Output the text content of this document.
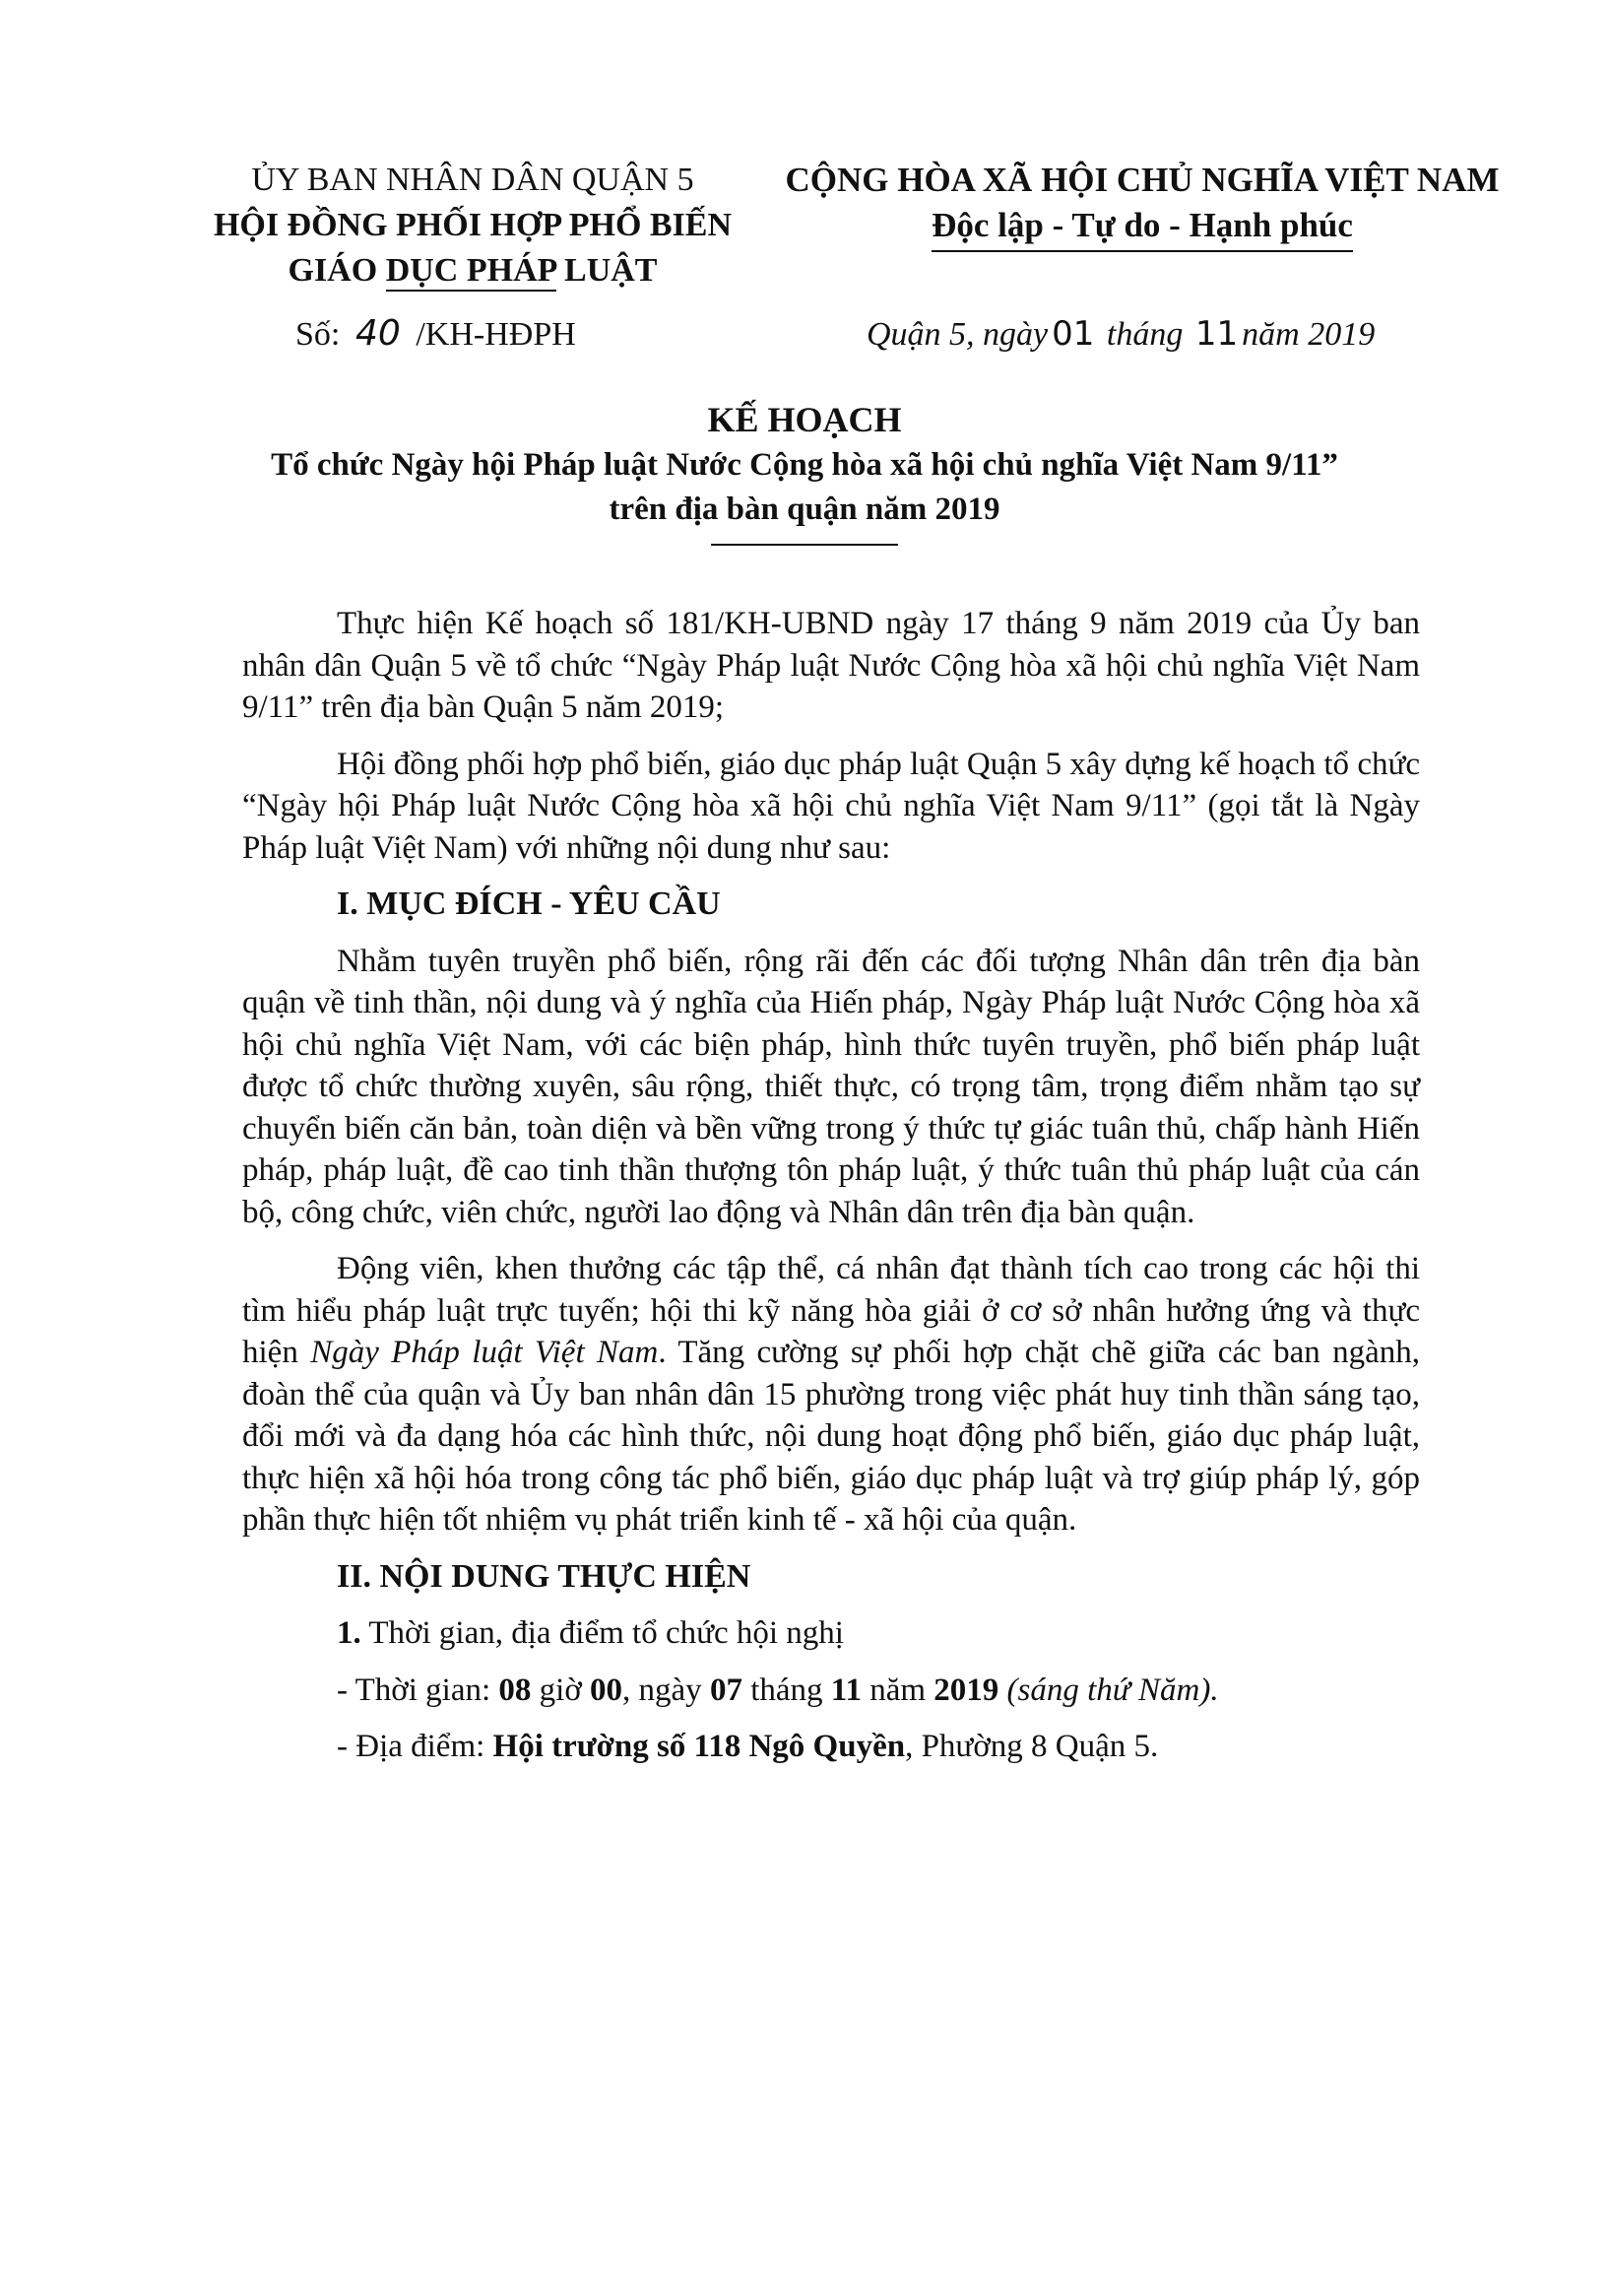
ỦY BAN NHÂN DÂN QUẬN 5
HỘI ĐỒNG PHỐI HỢP PHỔ BIẾN
GIÁO DỤC PHÁP LUẬT
CỘNG HÒA XÃ HỘI CHỦ NGHĨA VIỆT NAM
Độc lập - Tự do - Hạnh phúc
Số: 40 /KH-HĐPH	Quận 5, ngày 01 tháng 11 năm 2019
KẾ HOẠCH
Tổ chức Ngày hội Pháp luật Nước Cộng hòa xã hội chủ nghĩa Việt Nam 9/11”
trên địa bàn quận năm 2019

Thực hiện Kế hoạch số 181/KH-UBND ngày 17 tháng 9 năm 2019 của Ủy ban nhân dân Quận 5 về tổ chức “Ngày Pháp luật Nước Cộng hòa xã hội chủ nghĩa Việt Nam 9/11” trên địa bàn Quận 5 năm 2019;

Hội đồng phối hợp phổ biến, giáo dục pháp luật Quận 5 xây dựng kế hoạch tổ chức “Ngày hội Pháp luật Nước Cộng hòa xã hội chủ nghĩa Việt Nam 9/11” (gọi tắt là Ngày Pháp luật Việt Nam) với những nội dung như sau:

I. MỤC ĐÍCH - YÊU CẦU

Nhằm tuyên truyền phổ biến, rộng rãi đến các đối tượng Nhân dân trên địa bàn quận về tinh thần, nội dung và ý nghĩa của Hiến pháp, Ngày Pháp luật Nước Cộng hòa xã hội chủ nghĩa Việt Nam, với các biện pháp, hình thức tuyên truyền, phổ biến pháp luật được tổ chức thường xuyên, sâu rộng, thiết thực, có trọng tâm, trọng điểm nhằm tạo sự chuyển biến căn bản, toàn diện và bền vững trong ý thức tự giác tuân thủ, chấp hành Hiến pháp, pháp luật, đề cao tinh thần thượng tôn pháp luật, ý thức tuân thủ pháp luật của cán bộ, công chức, viên chức, người lao động và Nhân dân trên địa bàn quận.

Động viên, khen thưởng các tập thể, cá nhân đạt thành tích cao trong các hội thi tìm hiểu pháp luật trực tuyến; hội thi kỹ năng hòa giải ở cơ sở nhân hưởng ứng và thực hiện Ngày Pháp luật Việt Nam. Tăng cường sự phối hợp chặt chẽ giữa các ban ngành, đoàn thể của quận và Ủy ban nhân dân 15 phường trong việc phát huy tinh thần sáng tạo, đổi mới và đa dạng hóa các hình thức, nội dung hoạt động phổ biến, giáo dục pháp luật, thực hiện xã hội hóa trong công tác phổ biến, giáo dục pháp luật và trợ giúp pháp lý, góp phần thực hiện tốt nhiệm vụ phát triển kinh tế - xã hội của quận.

II. NỘI DUNG THỰC HIỆN
1. Thời gian, địa điểm tổ chức hội nghị
- Thời gian: 08 giờ 00, ngày 07 tháng 11 năm 2019 (sáng thứ Năm).
- Địa điểm: Hội trường số 118 Ngô Quyền, Phường 8 Quận 5.
